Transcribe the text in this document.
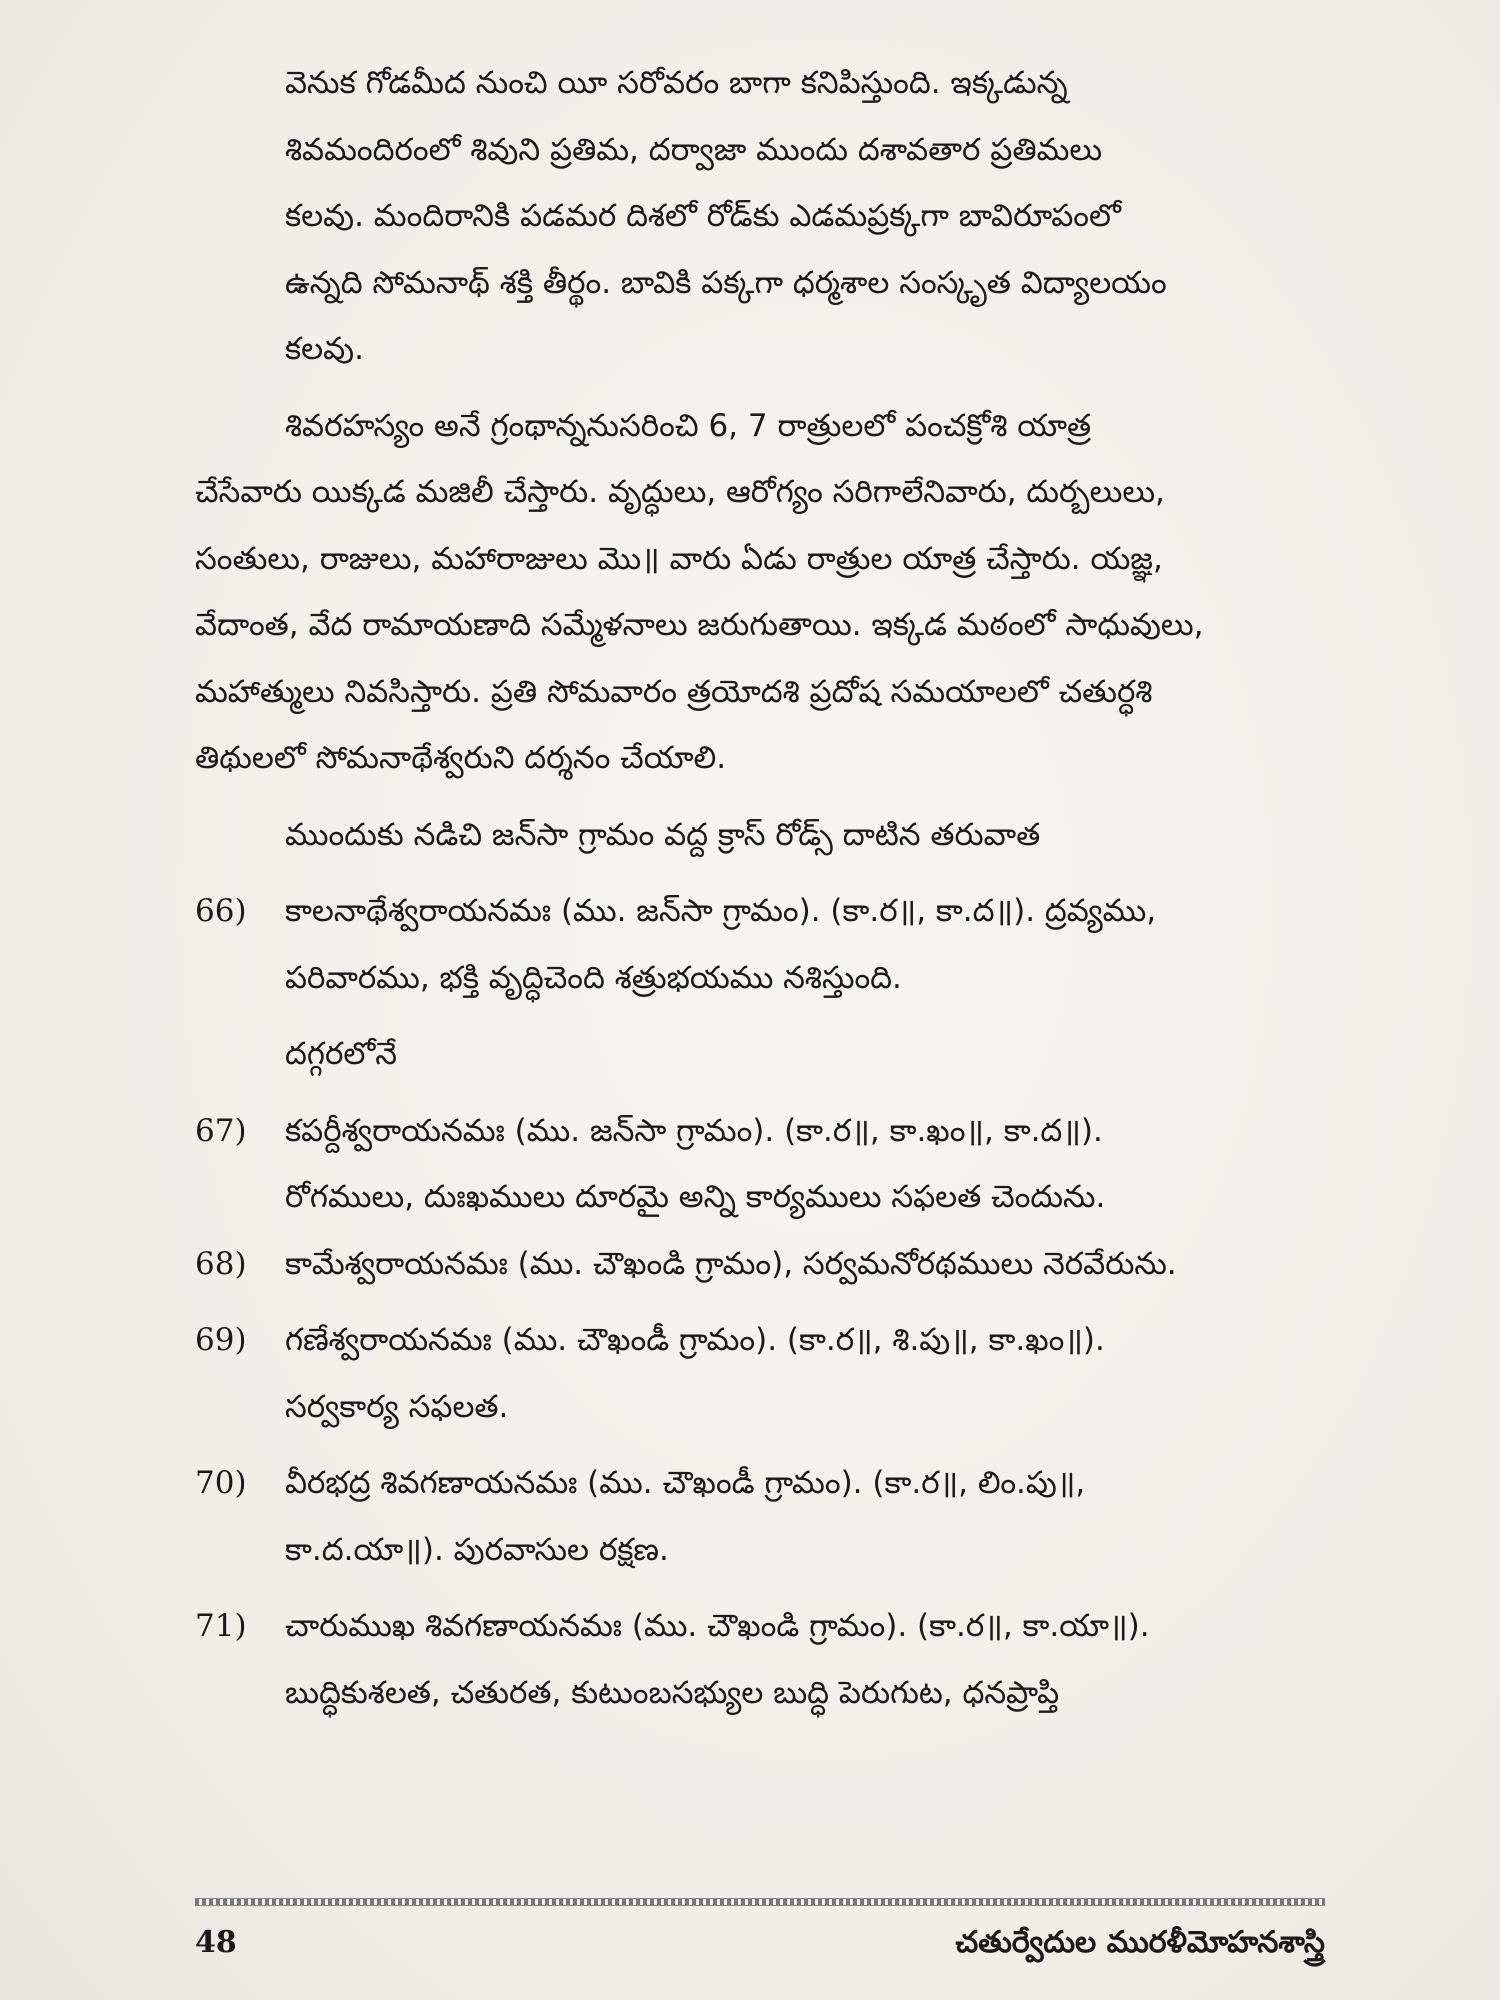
వెనుక గోడమీద నుంచి యీ సరోవరం బాగా కనిపిస్తుంది. ఇక్కడున్న
శివమందిరంలో శివుని ప్రతిమ, దర్వాజా ముందు దశావతార ప్రతిమలు
కలవు. మందిరానికి పడమర దిశలో రోడ్‌కు ఎడమప్రక్కగా బావిరూపంలో
ఉన్నది సోమనాథ్ శక్తి తీర్థం. బావికి పక్కగా ధర్మశాల సంస్కృత విద్యాలయం
కలవు.
శివరహస్యం అనే గ్రంథాన్ననుసరించి 6, 7 రాత్రులలో పంచక్రోశి యాత్ర
చేసేవారు యిక్కడ మజిలీ చేస్తారు. వృద్ధులు, ఆరోగ్యం సరిగాలేనివారు, దుర్బలులు,
సంతులు, రాజులు, మహారాజులు మొ॥ వారు ఏడు రాత్రుల యాత్ర చేస్తారు. యజ్ఞ,
వేదాంత, వేద రామాయణాది సమ్మేళనాలు జరుగుతాయి. ఇక్కడ మఠంలో సాధువులు,
మహాత్ములు నివసిస్తారు. ప్రతి సోమవారం త్రయోదశి ప్రదోష సమయాలలో చతుర్ధశి
తిథులలో సోమనాథేశ్వరుని దర్శనం చేయాలి.
ముందుకు నడిచి జన్‌సా గ్రామం వద్ద క్రాస్ రోడ్స్ దాటిన తరువాత
66) కాలనాథేశ్వరాయనమః (ము. జన్‌సా గ్రామం). (కా.ర॥, కా.ద॥). ద్రవ్యము,
పరివారము, భక్తి వృద్ధిచెంది శత్రుభయము నశిస్తుంది.
దగ్గరలోనే
67) కపర్దీశ్వరాయనమః (ము. జన్‌సా గ్రామం). (కా.ర॥, కా.ఖం॥, కా.ద॥).
రోగములు, దుఃఖములు దూరమై అన్ని కార్యములు సఫలత చెందును.
68) కామేశ్వరాయనమః (ము. చౌఖండి గ్రామం), సర్వమనోరథములు నెరవేరును.
69) గణేశ్వరాయనమః (ము. చౌఖండీ గ్రామం). (కా.ర॥, శి.పు॥, కా.ఖం॥).
సర్వకార్య సఫలత.
70) వీరభద్ర శివగణాయనమః (ము. చౌఖండీ గ్రామం). (కా.ర॥, లిం.పు॥,
కా.ద.యా॥). పురవాసుల రక్షణ.
71) చారుముఖ శివగణాయనమః (ము. చౌఖండి గ్రామం). (కా.ర॥, కా.యా॥).
బుద్ధికుశలత, చతురత, కుటుంబసభ్యుల బుద్ధి పెరుగుట, ధనప్రాప్తి
48	చతుర్వేదుల మురళీమోహనశాస్త్రి
